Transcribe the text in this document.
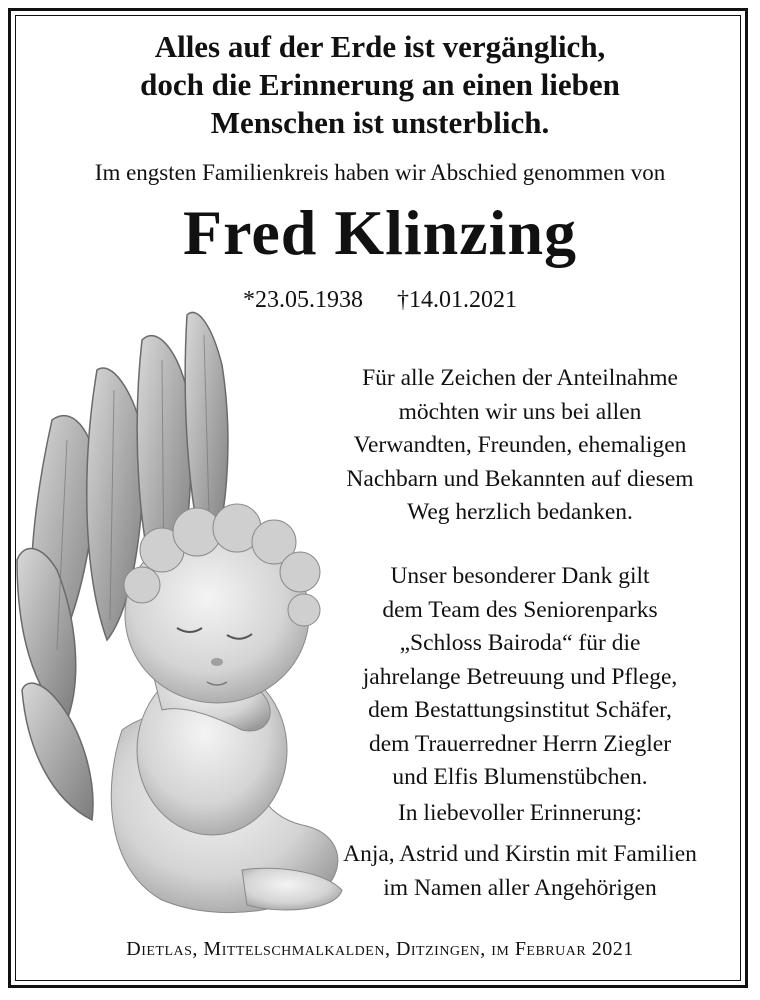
Alles auf der Erde ist vergänglich,
doch die Erinnerung an einen lieben
Menschen ist unsterblich.
Im engsten Familienkreis haben wir Abschied genommen von
Fred Klinzing
*23.05.1938 †14.01.2021
Für alle Zeichen der Anteilnahme
möchten wir uns bei allen
Verwandten, Freunden, ehemaligen
Nachbarn und Bekannten auf diesem
Weg herzlich bedanken.
Unser besonderer Dank gilt
dem Team des Seniorenparks
„Schloss Bairoda“ für die
jahrelange Betreuung und Pflege,
dem Bestattungsinstitut Schäfer,
dem Trauerredner Herrn Ziegler
und Elfis Blumenstübchen.
In liebevoller Erinnerung:
Anja, Astrid und Kirstin mit Familien
im Namen aller Angehörigen
Dietlas, Mittelschmalkalden, Ditzingen, im Februar 2021
